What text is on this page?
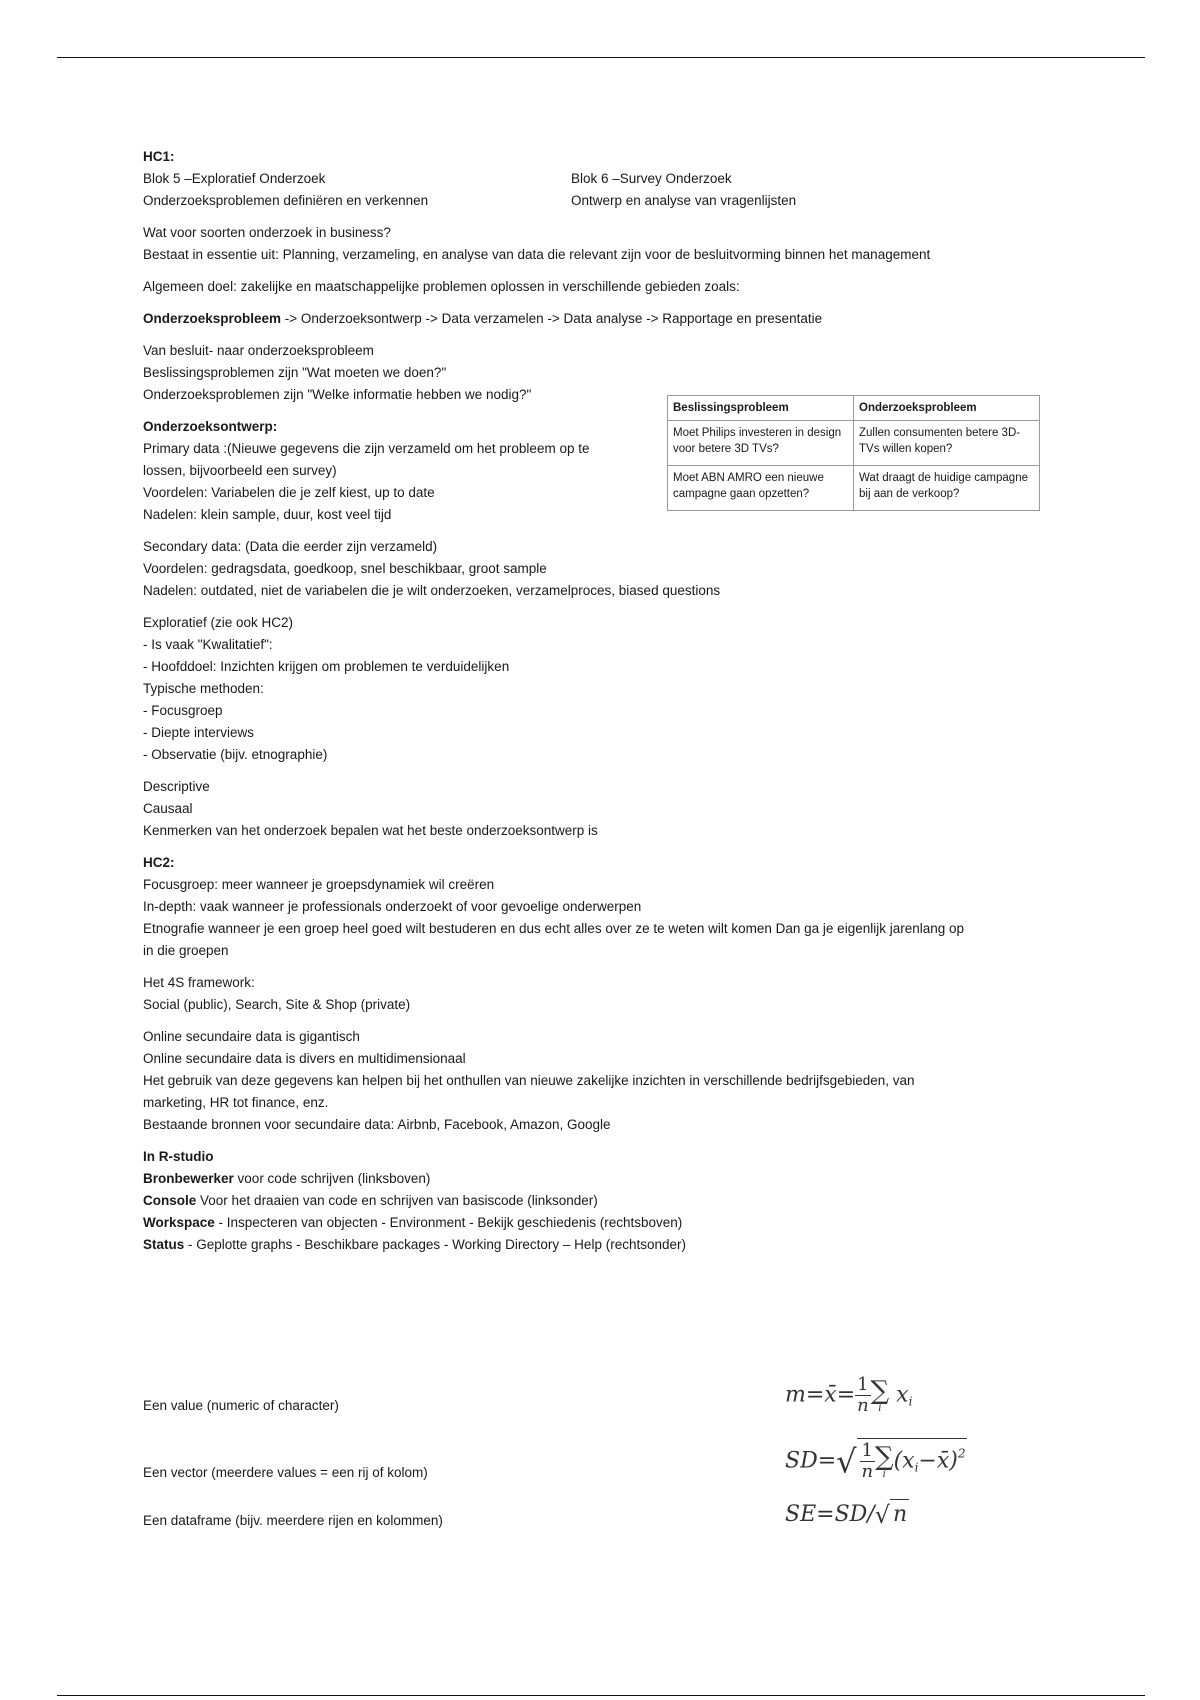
HC1:

Blok 5 –Exploratief Onderzoek

Onderzoeksproblemen definiëren en verkennen

Blok 6 –Survey Onderzoek

Ontwerp en analyse van vragenlijsten

Wat voor soorten onderzoek in business?

Bestaat in essentie uit: Planning, verzameling, en analyse van data die relevant zijn voor de besluitvorming binnen het management

Algemeen doel: zakelijke en maatschappelijke problemen oplossen in verschillende gebieden zoals:

Onderzoeksprobleem -> Onderzoeksontwerp -> Data verzamelen -> Data analyse -> Rapportage en presentatie

Van besluit- naar onderzoeksprobleem

Beslissingsproblemen zijn "Wat moeten we doen?"

Onderzoeksproblemen zijn "Welke informatie hebben we nodig?"

Onderzoeksontwerp:

Primary data :(Nieuwe gegevens die zijn verzameld om het probleem op te

lossen, bijvoorbeeld een survey)

Voordelen: Variabelen die je zelf kiest, up to date

Nadelen: klein sample, duur, kost veel tijd

Secondary data: (Data die eerder zijn verzameld)

Voordelen: gedragsdata, goedkoop, snel beschikbaar, groot sample

Nadelen: outdated, niet de variabelen die je wilt onderzoeken, verzamelproces, biased questions

Exploratief (zie ook HC2)

- Is vaak "Kwalitatief":

- Hoofddoel: Inzichten krijgen om problemen te verduidelijken

Typische methoden:

- Focusgroep

- Diepte interviews

- Observatie (bijv. etnographie)

Descriptive

Causaal

Kenmerken van het onderzoek bepalen wat het beste onderzoeksontwerp is

HC2:

Focusgroep: meer wanneer je groepsdynamiek wil creëren

In-depth: vaak wanneer je professionals onderzoekt of voor gevoelige onderwerpen

Etnografie wanneer je een groep heel goed wilt bestuderen en dus echt alles over ze te weten wilt komen Dan ga je eigenlijk jarenlang op

in die groepen

Het 4S framework:

Social (public), Search, Site & Shop (private)

Online secundaire data is gigantisch

Online secundaire data is divers en multidimensionaal

Het gebruik van deze gegevens kan helpen bij het onthullen van nieuwe zakelijke inzichten in verschillende bedrijfsgebieden, van

marketing, HR tot finance, enz.

Bestaande bronnen voor secundaire data: Airbnb, Facebook, Amazon, Google

In R-studio

Bronbewerker voor code schrijven (linksboven)

Console Voor het draaien van code en schrijven van basiscode (linksonder)

Workspace - Inspecteren van objecten - Environment - Bekijk geschiedenis (rechtsboven)

Status - Geplotte graphs - Beschikbare packages - Working Directory – Help (rechtsonder)

Beslissingsprobleem	Onderzoeksprobleem
Moet Philips investeren in design voor betere 3D TVs?	Zullen consumenten betere 3D-TVs willen kopen?
Moet ABN AMRO een nieuwe campagne gaan opzetten?	Wat draagt de huidige campagne bij aan de verkoop?

Een value (numeric of character)

Een vector (meerdere values = een rij of kolom)

Een dataframe (bijv. meerdere rijen en kolommen)

m=x̄= $\frac{1}{n}$ ∑
i
$x_i$
$SD=√ \frac{1}{n}$ ∑
i
$(x_i-x̄)^2$
SE=SD/√ n
